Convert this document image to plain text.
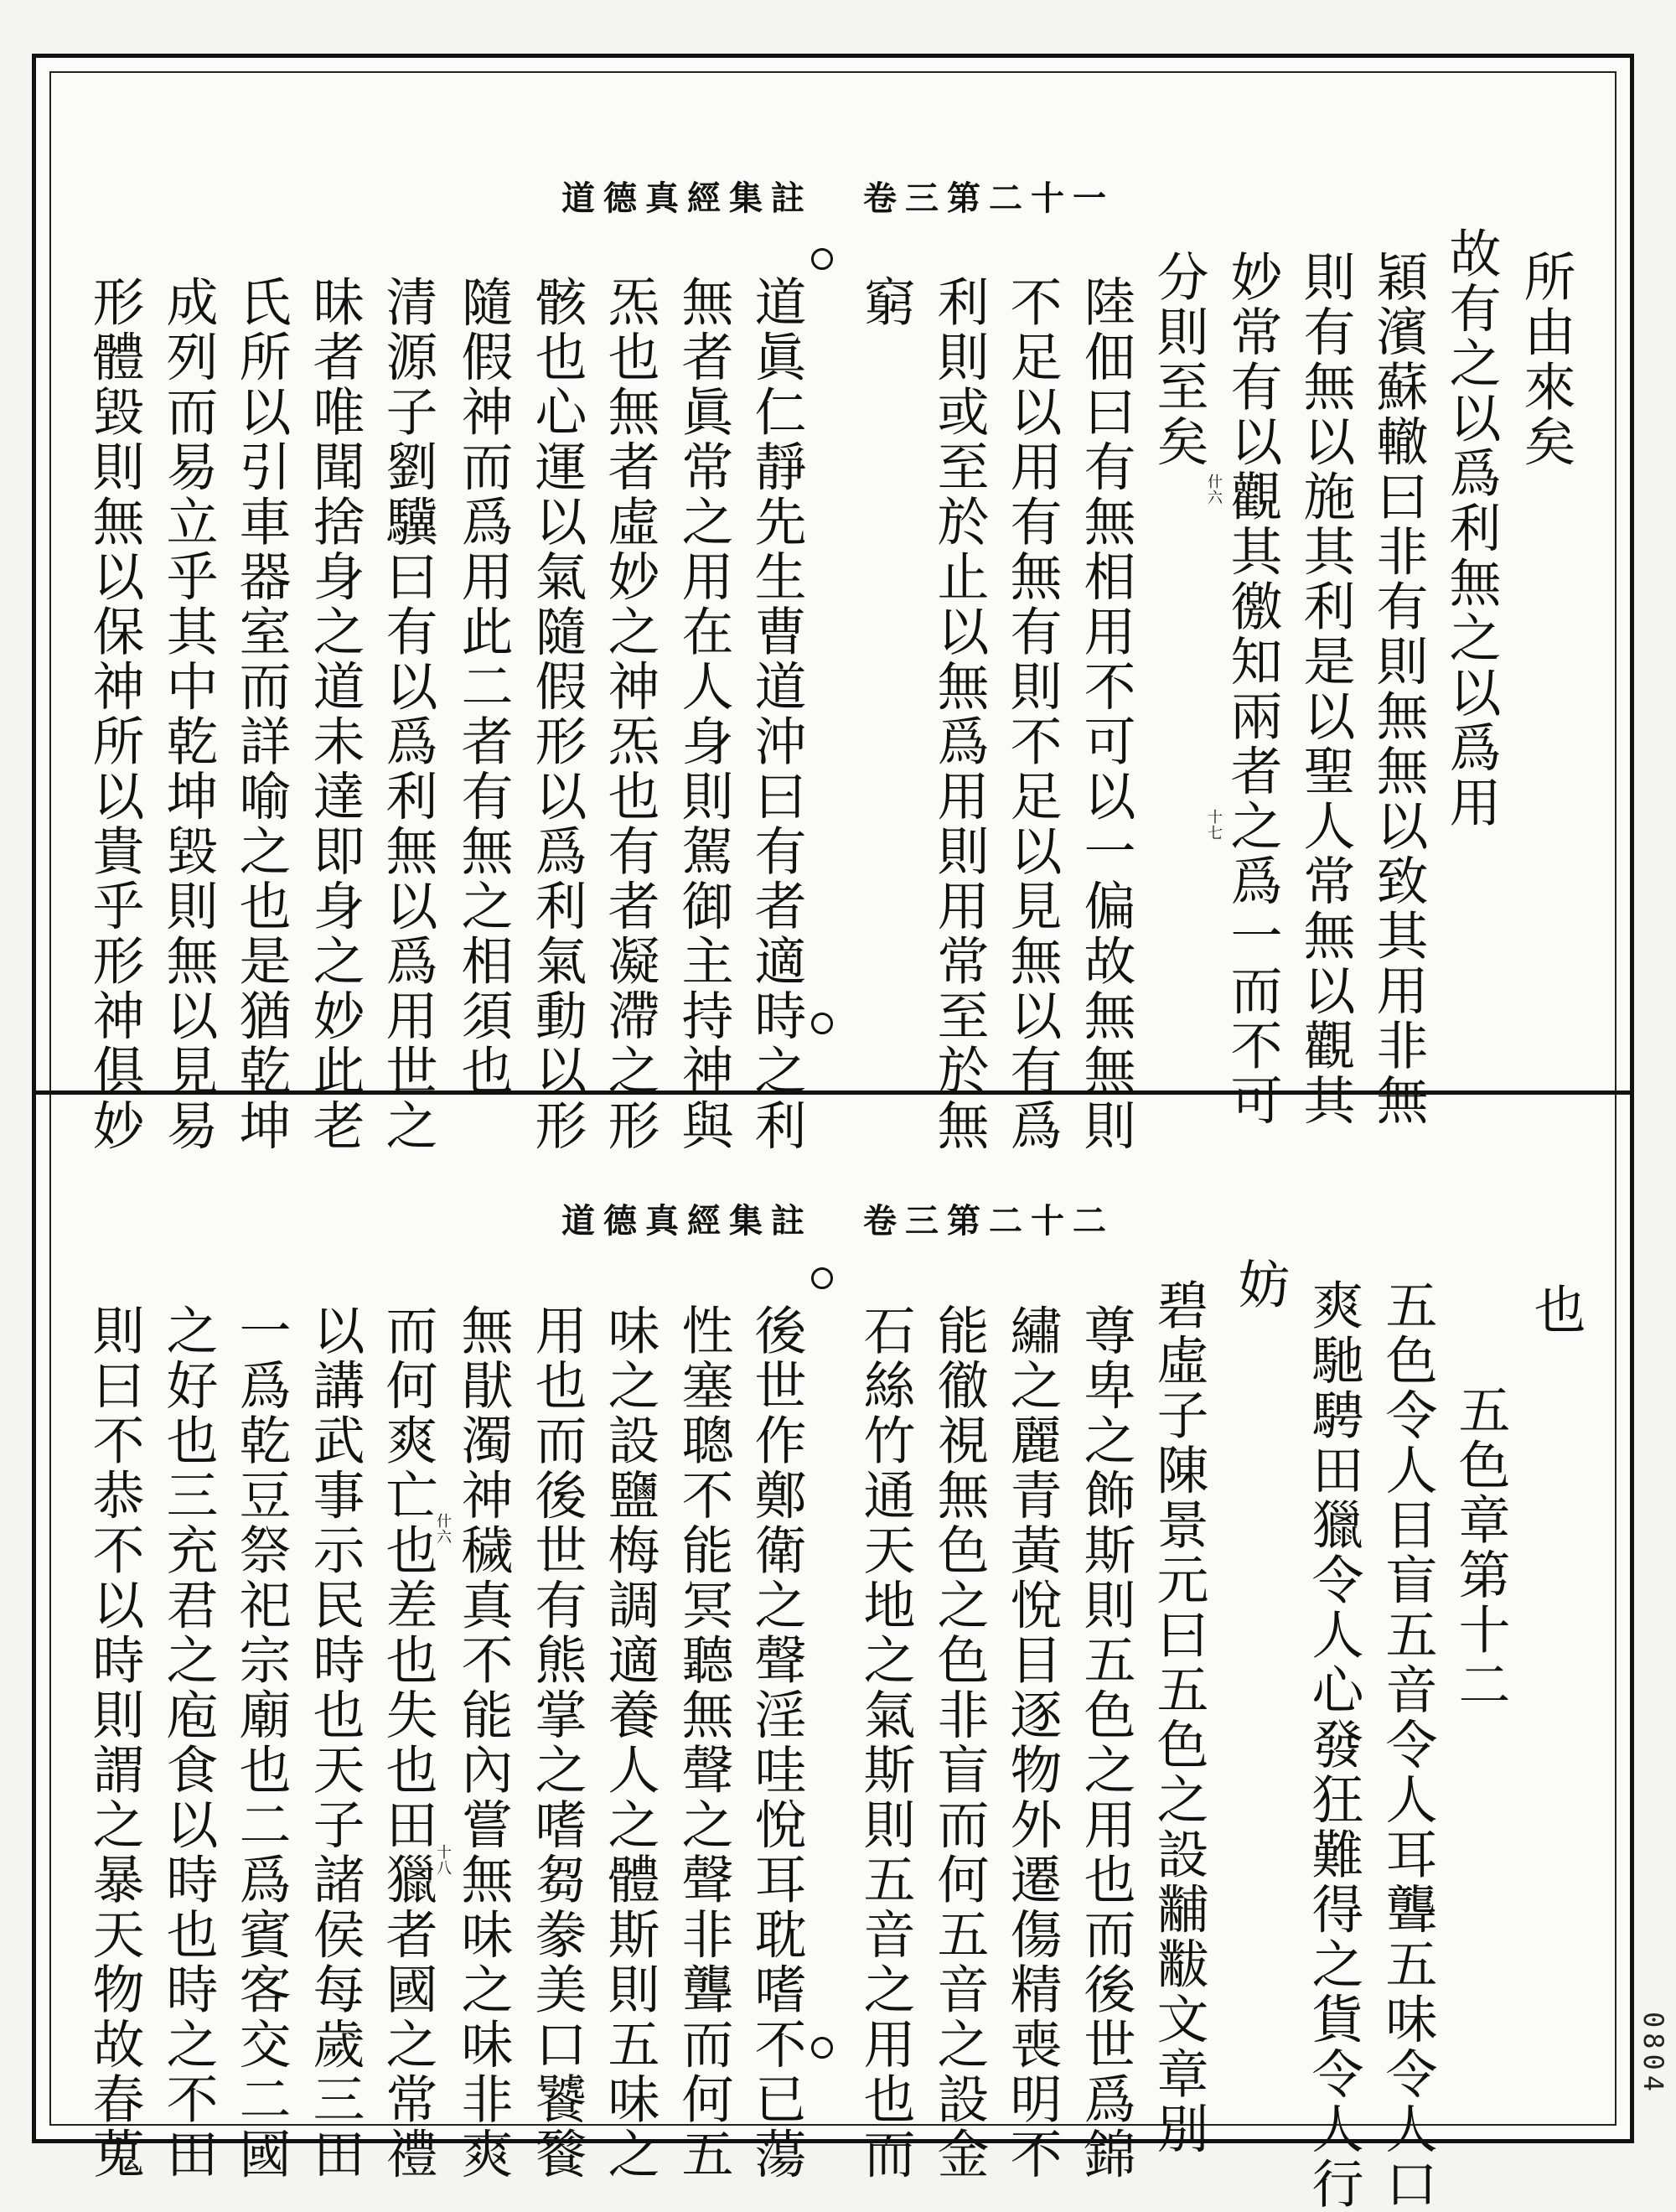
道德真經集註 卷三第二十一
所由來矣
故有之以爲利無之以爲用
穎濱蘇轍曰非有則無無以致其用非無
則有無以施其利是以聖人常無以觀其
妙常有以觀其徼知兩者之爲一而不可
分則至矣
陸佃曰有無相用不可以一偏故無無則
不足以用有無有則不足以見無以有爲
利則或至於止以無爲用則用常至於無
窮
道眞仁靜先生曹道沖曰有者適時之利
無者眞常之用在人身則駕御主持神與
炁也無者虛妙之神炁也有者凝滯之形
骸也心運以氣隨假形以爲利氣動以形
隨假神而爲用此二者有無之相須也
清源子劉驥曰有以爲利無以爲用世之
昧者唯聞捨身之道未達即身之妙此老
氏所以引車器室而詳喻之也是猶乾坤
成列而易立乎其中乾坤毀則無以見易
形體毀則無以保神所以貴乎形神俱妙	什六
十七
道德真經集註 卷三第二十二
也
五色章第十二
五色令人目盲五音令人耳聾五味令人口
爽馳騁田獵令人心發狂難得之貨令人行
妨
碧虛子陳景元曰五色之設黼黻文章別
尊卑之飾斯則五色之用也而後世爲錦
繡之麗青黃悅目逐物外遷傷精喪明不
能徹視無色之色非盲而何五音之設金
石絲竹通天地之氣斯則五音之用也而
後世作鄭衛之聲淫哇悅耳耽嗜不已蕩
性塞聰不能冥聽無聲之聲非聾而何五
味之設鹽梅調適養人之體斯則五味之
用也而後世有熊掌之嗜芻豢美口饕餮
無猒濁神穢真不能內嘗無味之味非爽
而何爽亡也差也失也田獵者國之常禮
以講武事示民時也天子諸侯每歲三田
一爲乾豆祭祀宗廟也二爲賓客交二國
之好也三充君之庖食以時也時之不田
則曰不恭不以時則謂之暴天物故春蒐	什六
十八
0804
